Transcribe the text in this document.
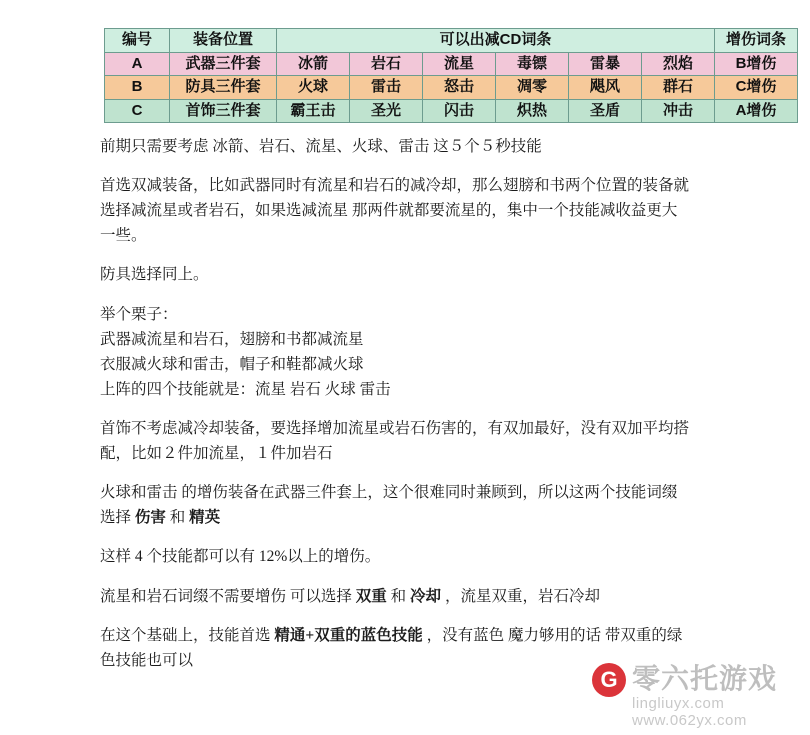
编号	装备位置	可以出减CD词条						增伤词条
A	武器三件套	冰箭	岩石	流星	毒镖	雷暴	烈焰	B增伤
B	防具三件套	火球	雷击	怒击	凋零	飓风	群石	C增伤
C	首饰三件套	霸王击	圣光	闪击	炽热	圣盾	冲击	A增伤

前期只需要考虑 冰箭、岩石、流星、火球、雷击 这５个５秒技能

首选双减装备，比如武器同时有流星和岩石的减冷却，那么翅膀和书两个位置的装备就选择减流星或者岩石，如果选减流星 那两件就都要流星的，集中一个技能减收益更大一些。

防具选择同上。

举个栗子：

武器减流星和岩石，翅膀和书都减流星

衣服减火球和雷击，帽子和鞋都减火球

上阵的四个技能就是：流星 岩石 火球 雷击

首饰不考虑减冷却装备，要选择增加流星或岩石伤害的，有双加最好，没有双加平均搭配，比如２件加流星，１件加岩石

火球和雷击 的增伤装备在武器三件套上，这个很难同时兼顾到，所以这两个技能词缀选择 伤害 和 精英

这样 4 个技能都可以有 12%以上的增伤。

流星和岩石词缀不需要增伤 可以选择 双重 和 冷却 ，流星双重，岩石冷却

在这个基础上，技能首选 精通+双重的蓝色技能 ，没有蓝色 魔力够用的话 带双重的绿色技能也可以

G 零六托游戏
lingliuyx.com www.062yx.com
